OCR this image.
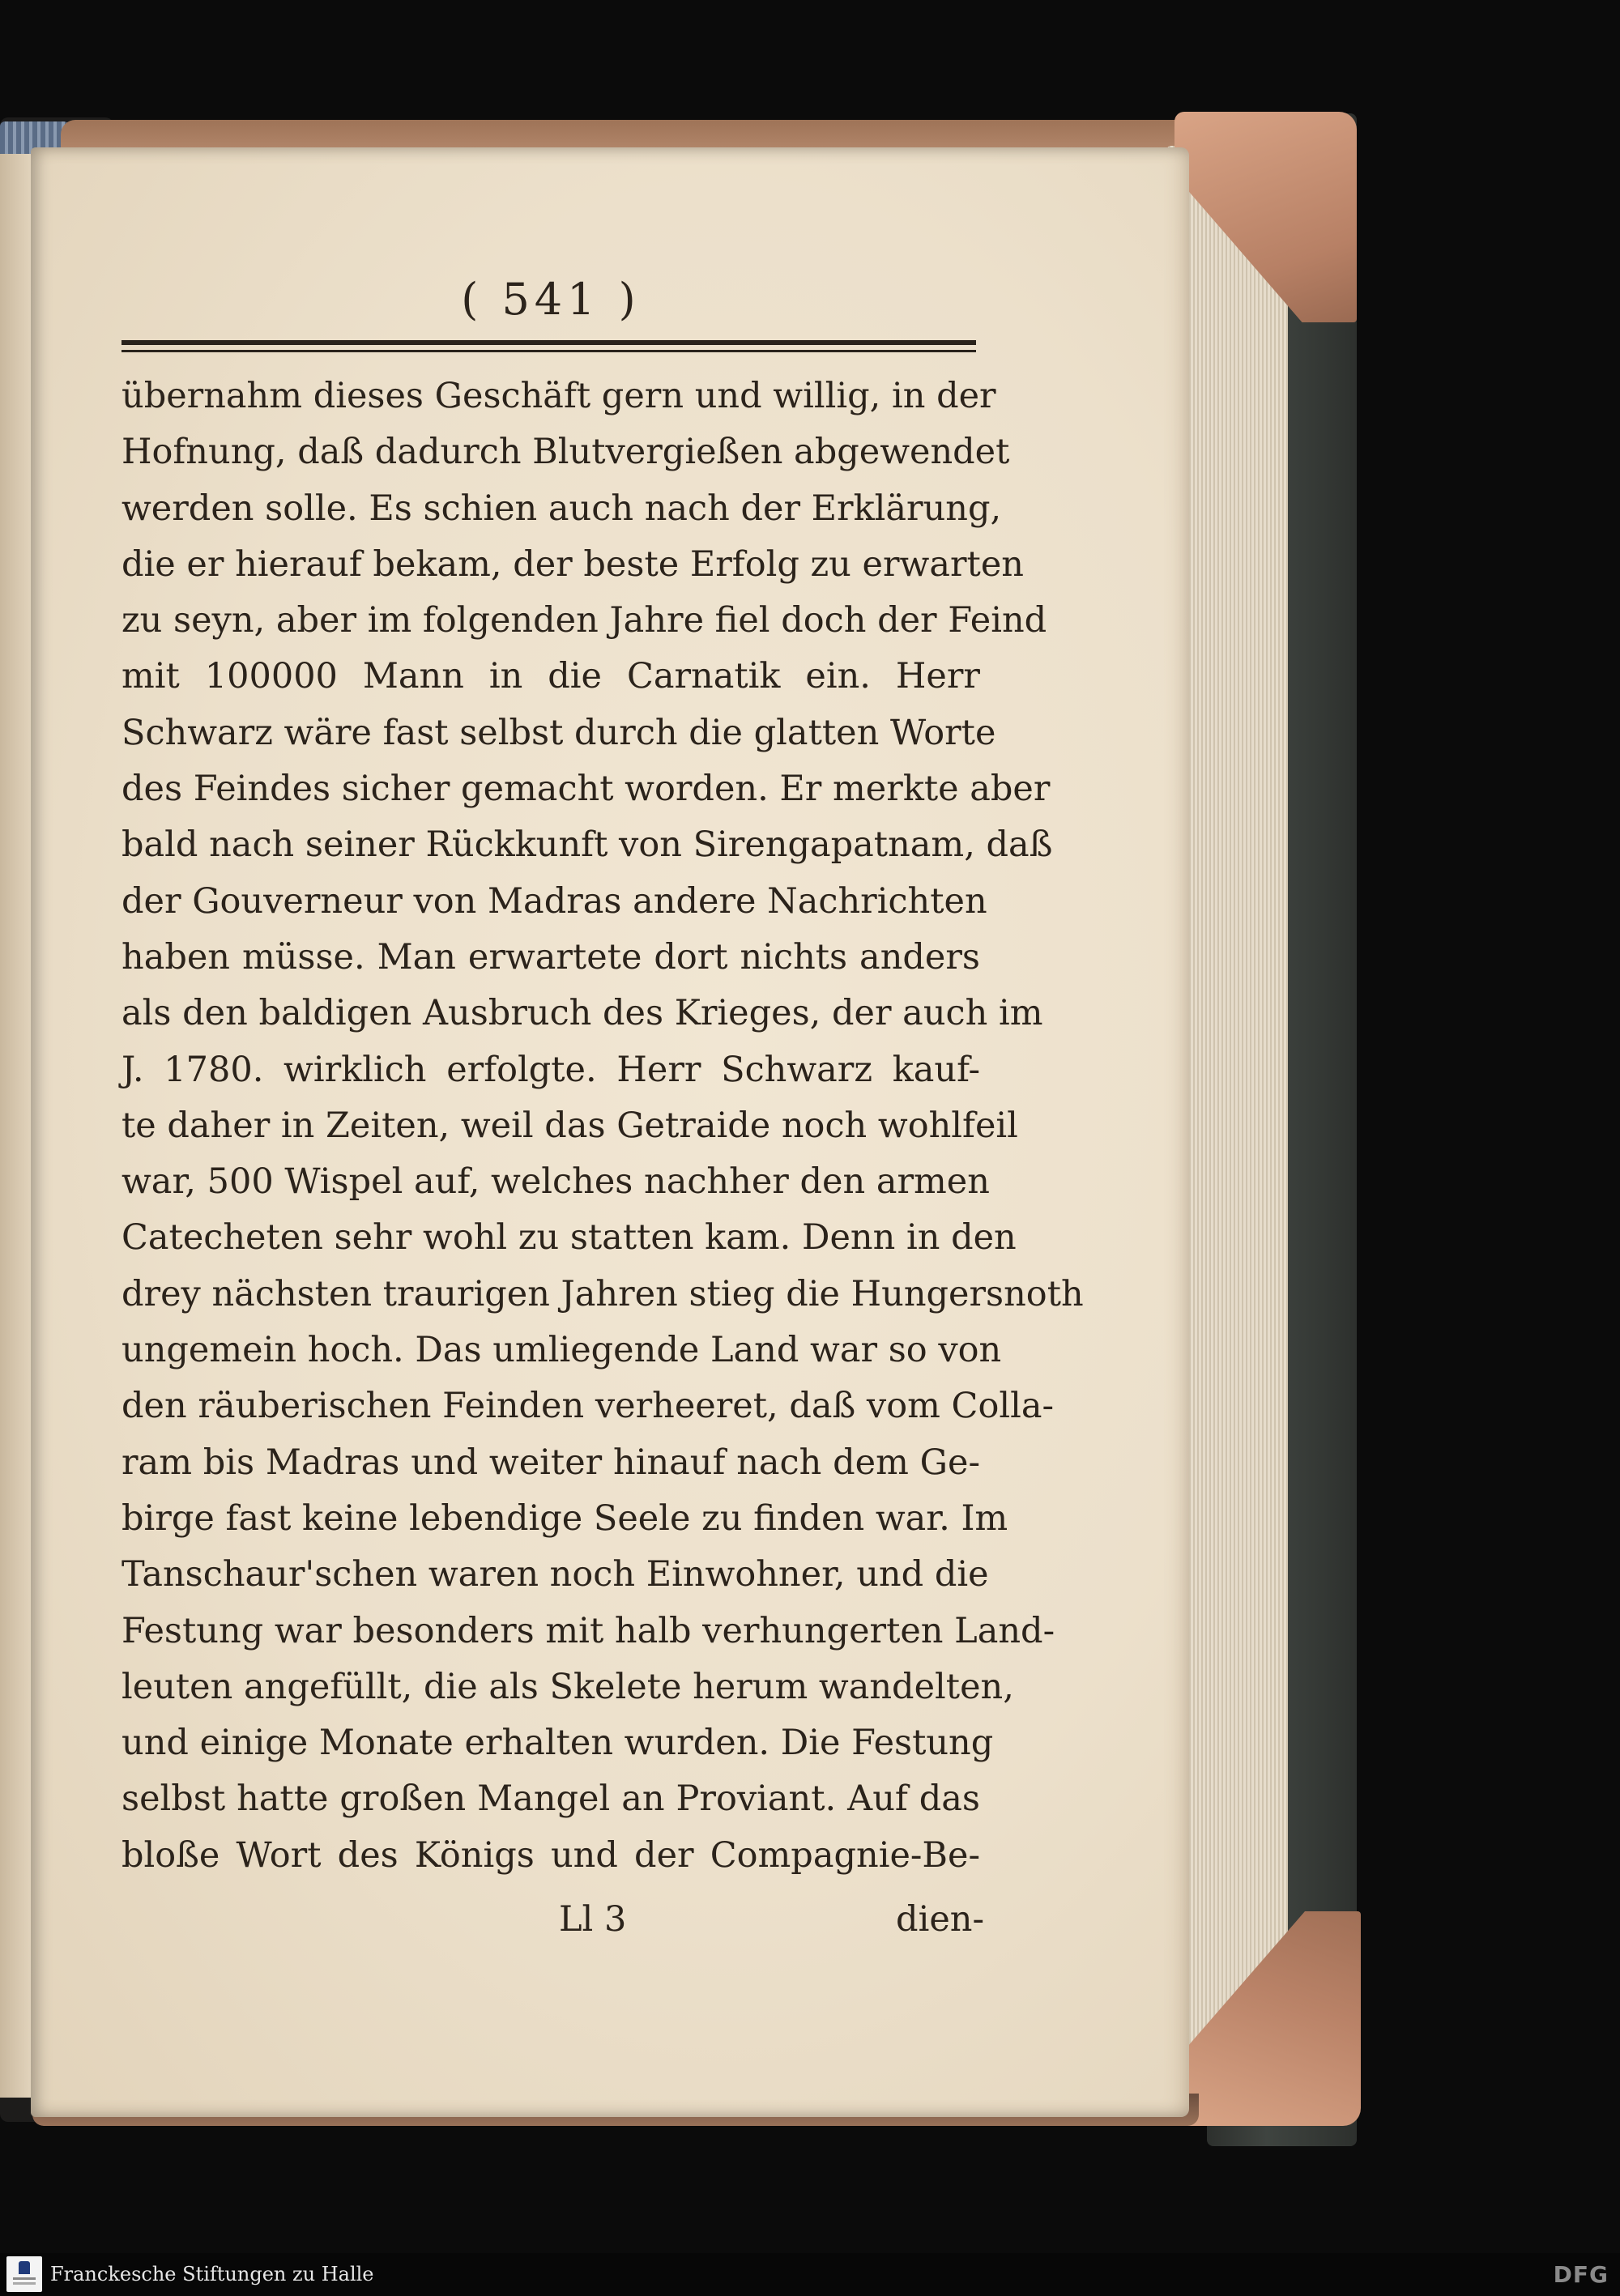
( 541 )
übernahm dieses Geschäft gern und willig, in der
Hofnung, daß dadurch Blutvergießen abgewendet
werden solle. Es schien auch nach der Erklärung,
die er hierauf bekam, der beste Erfolg zu erwarten
zu seyn, aber im folgenden Jahre fiel doch der Feind
mit 100000 Mann in die Carnatik ein. Herr
Schwarz wäre fast selbst durch die glatten Worte
des Feindes sicher gemacht worden. Er merkte aber
bald nach seiner Rückkunft von Sirengapatnam, daß
der Gouverneur von Madras andere Nachrichten
haben müsse. Man erwartete dort nichts anders
als den baldigen Ausbruch des Krieges, der auch im
J. 1780. wirklich erfolgte. Herr Schwarz kauf-
te daher in Zeiten, weil das Getraide noch wohlfeil
war, 500 Wispel auf, welches nachher den armen
Catecheten sehr wohl zu statten kam. Denn in den
drey nächsten traurigen Jahren stieg die Hungersnoth
ungemein hoch. Das umliegende Land war so von
den räuberischen Feinden verheeret, daß vom Colla-
ram bis Madras und weiter hinauf nach dem Ge-
birge fast keine lebendige Seele zu finden war. Im
Tanschaur'schen waren noch Einwohner, und die
Festung war besonders mit halb verhungerten Land-
leuten angefüllt, die als Skelete herum wandelten,
und einige Monate erhalten wurden. Die Festung
selbst hatte großen Mangel an Proviant. Auf das
bloße Wort des Königs und der Compagnie-Be-
Ll 3	dien-
Franckesche Stiftungen zu Halle	DFG
